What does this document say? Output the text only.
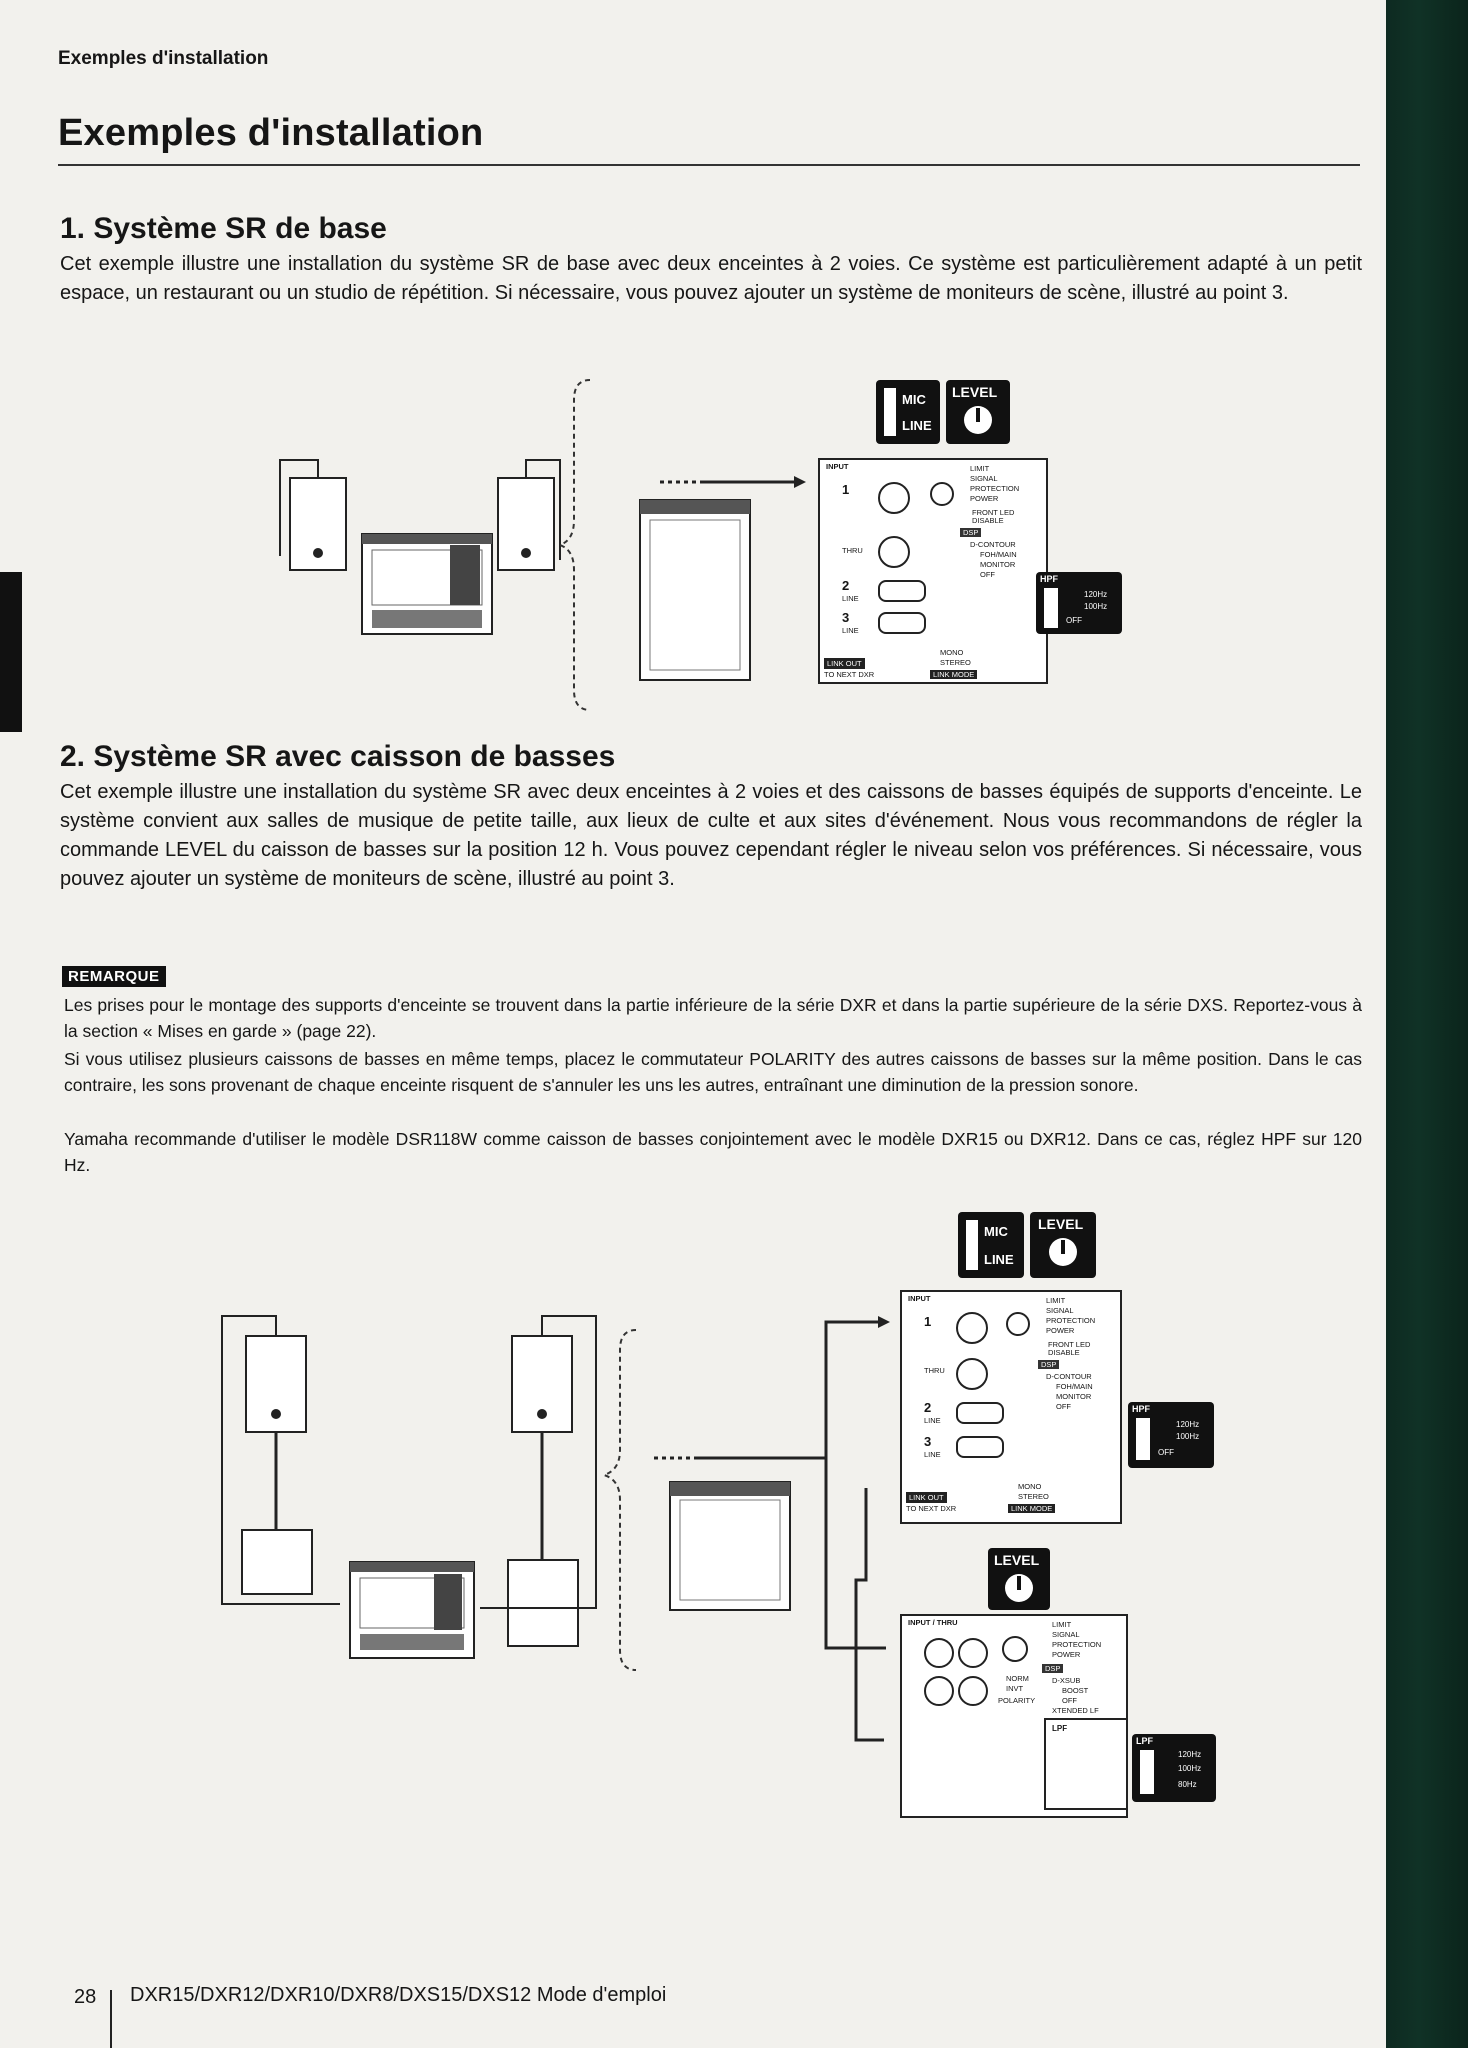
Exemples d'installation
Exemples d'installation
1. Système SR de base
Cet exemple illustre une installation du système SR de base avec deux enceintes à 2 voies. Ce système est particulièrement adapté à un petit espace, un restaurant ou un studio de répétition. Si nécessaire, vous pouvez ajouter un système de moniteurs de scène, illustré au point 3.
INPUT
1
THRU
2
LINE
3
LINE
LIMIT
SIGNAL
PROTECTION
POWER
FRONT LED
DISABLE
DSP
D-CONTOUR
FOH/MAIN
MONITOR
OFF
LINK OUT
TO NEXT DXR
MONO
STEREO
LINK MODE
MIC
LINE
LEVEL
HPF
120Hz
100Hz
OFF
2. Système SR avec caisson de basses
Cet exemple illustre une installation du système SR avec deux enceintes à 2 voies et des caissons de basses équipés de supports d'enceinte. Le système convient aux salles de musique de petite taille, aux lieux de culte et aux sites d'événement. Nous vous recommandons de régler la commande LEVEL du caisson de basses sur la position 12 h. Vous pouvez cependant régler le niveau selon vos préférences. Si nécessaire, vous pouvez ajouter un système de moniteurs de scène, illustré au point 3.
REMARQUE
Les prises pour le montage des supports d'enceinte se trouvent dans la partie inférieure de la série DXR et dans la partie supérieure de la série DXS. Reportez-vous à la section « Mises en garde » (page 22).
Si vous utilisez plusieurs caissons de basses en même temps, placez le commutateur POLARITY des autres caissons de basses sur la même position. Dans le cas contraire, les sons provenant de chaque enceinte risquent de s'annuler les uns les autres, entraînant une diminution de la pression sonore.
Yamaha recommande d'utiliser le modèle DSR118W comme caisson de basses conjointement avec le modèle DXR15 ou DXR12. Dans ce cas, réglez HPF sur 120 Hz.
INPUT
1
THRU
2
LINE
3
LINE
LIMIT
SIGNAL
PROTECTION
POWER
FRONT LED
DISABLE
DSP
D-CONTOUR
FOH/MAIN
MONITOR
OFF
LINK OUT
TO NEXT DXR
MONO
STEREO
LINK MODE
MIC
LINE
LEVEL
HPF
120Hz
100Hz
OFF
LEVEL
INPUT / THRU
NORM
INVT
POLARITY
LIMIT
SIGNAL
PROTECTION
POWER
DSP
D-XSUB
BOOST
OFF
XTENDED LF
LPF
LPF
120Hz
100Hz
80Hz
28 DXR15/DXR12/DXR10/DXR8/DXS15/DXS12 Mode d'emploi
